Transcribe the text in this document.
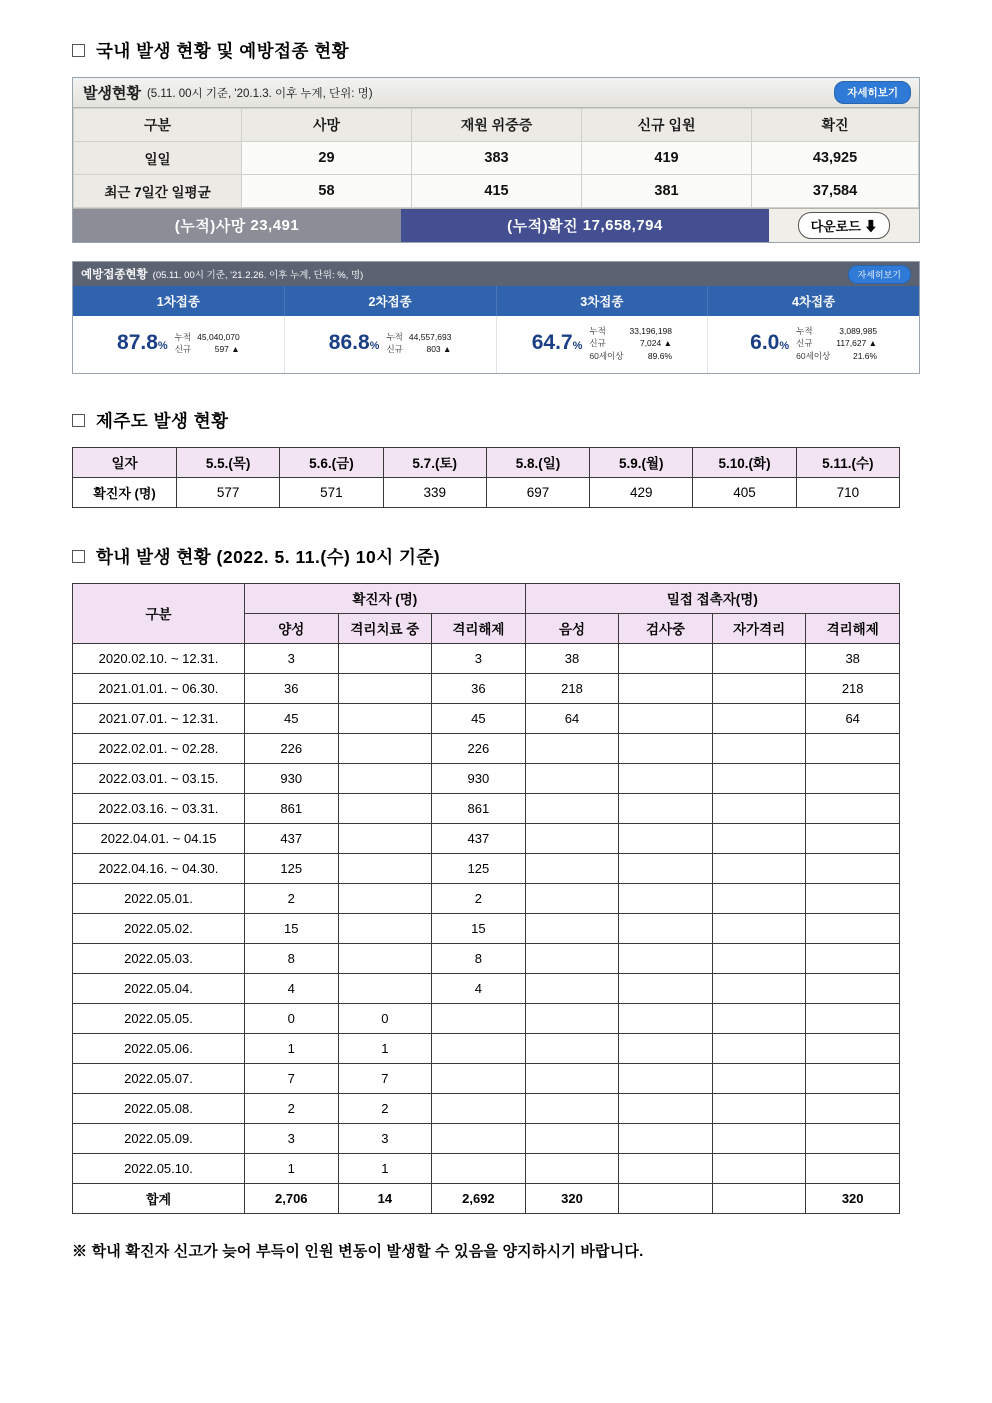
국내 발생 현황 및 예방접종 현황
발생현황 (5.11. 00시 기준, '20.1.3. 이후 누계, 단위: 명)	자세히보기
구분	사망	재원 위중증	신규 입원	확진
일일	29	383	419	43,925
최근 7일간 일평균	58	415	381	37,584
(누적)사망
23,491	(누적)확진
17,658,794	다운로드 ⬇
예방접종현황 (05.11. 00시 기준, '21.2.26. 이후 누계, 단위: %, 명)	자세히보기
1차접종	2차접종	3차접종	4차접종
87.8%
누적
신규
45,040,070
597 ▲	86.8%
누적
신규
44,557,693
803 ▲	64.7%
누적
신규
60세이상
33,196,198
7,024 ▲
89.6%
6.0%
누적
신규
60세이상
3,089,985
117,627 ▲
21.6%
제주도 발생 현황
일자	5.5.(목)	5.6.(금)	5.7.(토)	5.8.(일)	5.9.(월)	5.10.(화)	5.11.(수)
확진자 (명)	577	571	339	697	429	405	710
학내 발생 현황 (2022. 5. 11.(수) 10시 기준)
구분	확진자 (명)			밀접 접촉자(명)			
	양성	격리치료 중	격리해제	음성	검사중	자가격리	격리해제
2020.02.10. ~ 12.31.	3		3	38			38
2021.01.01. ~ 06.30.	36		36	218			218
2021.07.01. ~ 12.31.	45		45	64			64
2022.02.01. ~ 02.28.	226		226				
2022.03.01. ~ 03.15.	930		930				
2022.03.16. ~ 03.31.	861		861				
2022.04.01. ~ 04.15	437		437				
2022.04.16. ~ 04.30.	125		125				
2022.05.01.	2		2				
2022.05.02.	15		15				
2022.05.03.	8		8				
2022.05.04.	4		4				
2022.05.05.	0	0					
2022.05.06.	1	1					
2022.05.07.	7	7					
2022.05.08.	2	2					
2022.05.09.	3	3					
2022.05.10.	1	1					
합계	2,706	14	2,692	320			320
※ 학내 확진자 신고가 늦어 부득이 인원 변동이 발생할 수 있음을 양지하시기 바랍니다.
